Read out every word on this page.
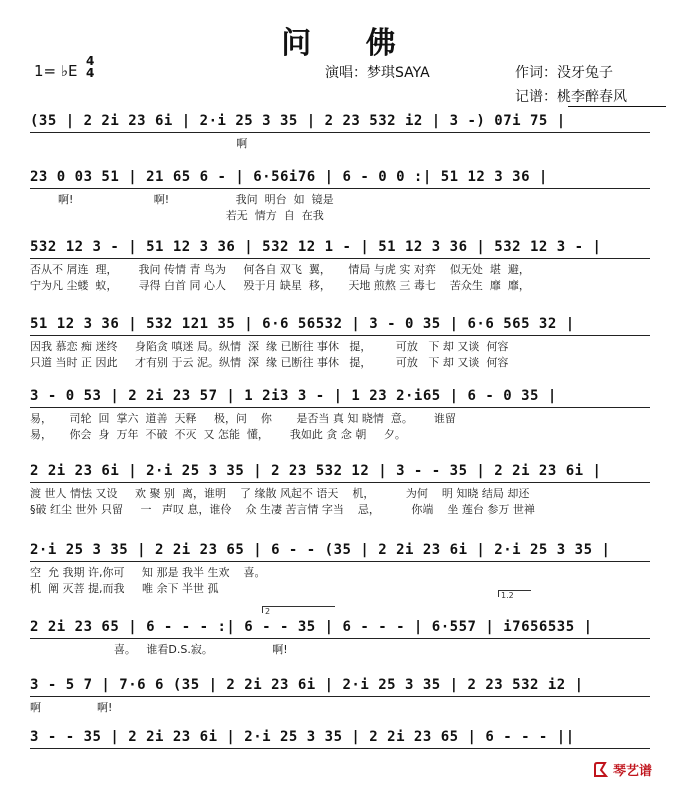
问 佛
1= ♭E
4
4	演唱：梦琪SAYA	作词：没牙兔子
记谱：桃李醉春风
(35 | 2 2i 23 6i | 2·i 25 3 35 | 2 23 532 i2 | 3 -) 07i 75 |
啊
23 0 03 51 | 21 65 6 - | 6·56i76 | 6 - 0 0 :| 51 12 3 36 |
啊!                       啊!                   我问  明台  如  镜是
若无  情方  自  在我
532 12 3 - | 51 12 3 36 | 532 12 1 - | 51 12 3 36 | 532 12 3 - |
否从不 屑连  理，      我问 传情 青 鸟为     何各自 双飞  翼，     情局 与虎 实 对弈    似无处  堪  避，
宁为凡 尘蝼  蚁，      寻得 白首 同 心人     殁于月 缺星  移，     天地 煎熬 三 毒七    苦众生  靡  靡，
51 12 3 36 | 532 121 35 | 6·6 56532 | 3 - 0 35 | 6·6 565 32 |
因我 慕恋 痴 迷终     身陷贪 嗔迷 局。纵情  深  缘 已断往 事休   提，       可放   下 却 又谈  何容
只道 当时 正 因此     才有别 于云 泥。纵情  深  缘 已断往 事休   提，       可放   下 却 又谈  何容
3 - 0 53 | 2 2i 23 57 | 1 2i3 3 - | 1 23 2·i65 | 6 - 0 35 |
易，     司轮  回  掌六  道善  天释     极，问    你       是否当 真 知 晓情  意。      谁留
易，     你会  身  万年  不破  不灭  又 怎能  懂，      我如此 贪 念 朝     夕。
2 2i 23 6i | 2·i 25 3 35 | 2 23 532 12 | 3 - - 35 | 2 2i 23 6i |
渡 世人 情怯 又设     欢 聚 别  离，谁明    了 缘散 风起不 语天    机，         为何    明 知晓 结局 却还
§破 红尘 世外 只留     一   声叹 息，谁伶    众 生凄 苦言情 字当    忌，         你端    坐 莲台 参万 世禅
2·i 25 3 35 | 2 2i 23 65 | 6 - - (35 | 2 2i 23 6i | 2·i 25 3 35 |
空  允 我期 许,你可     知 那是 我半 生欢    喜。
机  阐 灭菩 提,而我     唯 余下 半世 孤
2 2i 23 65 | 6 - - - :| 6 - - 35 | 6 - - - | 6·557 | i7656535 |
喜。   谁看D.S.寂。                 啊!
3 - 5 7 | 7·6 6 (35 | 2 2i 23 6i | 2·i 25 3 35 | 2 23 532 i2 |
啊                啊!
3 - - 35 | 2 2i 23 6i | 2·i 25 3 35 | 2 2i 23 65 | 6 - - - ||
1.2
2
琴艺谱
